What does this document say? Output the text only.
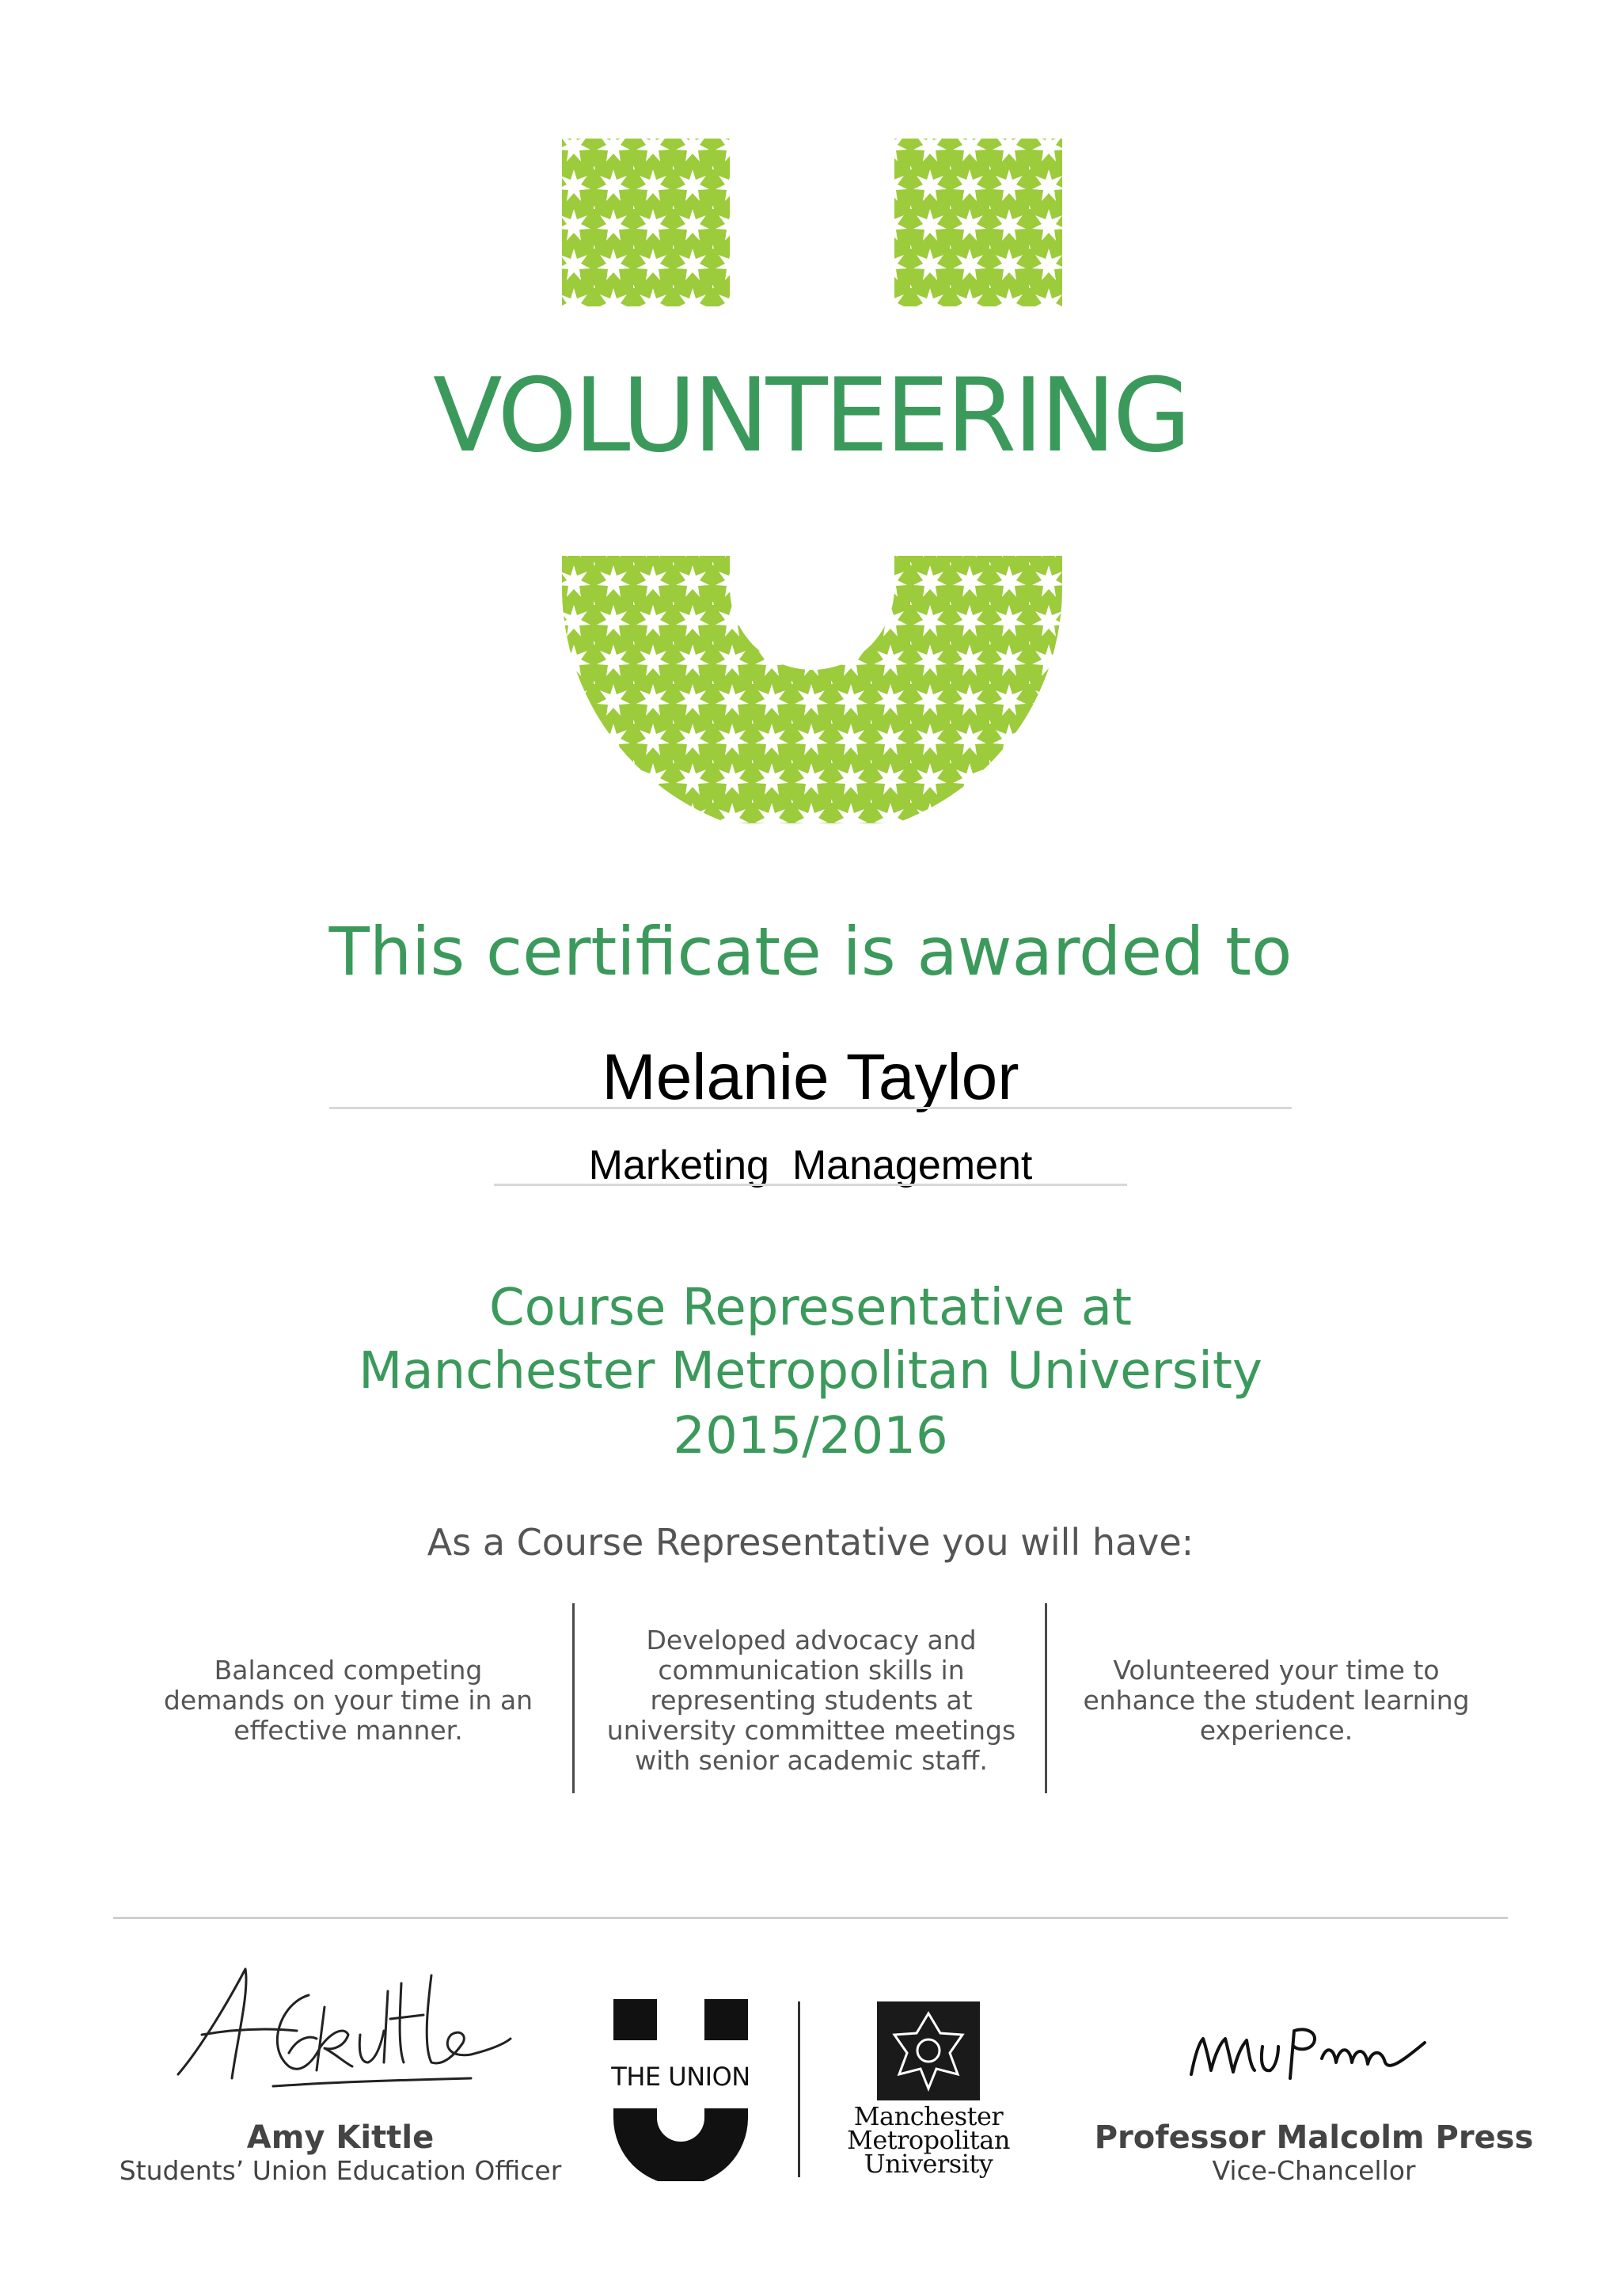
VOLUNTEERING
This certificate is awarded to
Melanie Taylor
Marketing  Management
Course Representative at
Manchester Metropolitan University
2015/2016
As a Course Representative you will have:
Balanced competing
demands on your time in an
effective manner.
Developed advocacy and
communication skills in
representing students at
university committee meetings
with senior academic staff.
Volunteered your time to
enhance the student learning
experience.
Amy Kittle
Students’ Union Education Officer
THE UNION
Manchester
Metropolitan
University
Professor Malcolm Press
Vice-Chancellor
